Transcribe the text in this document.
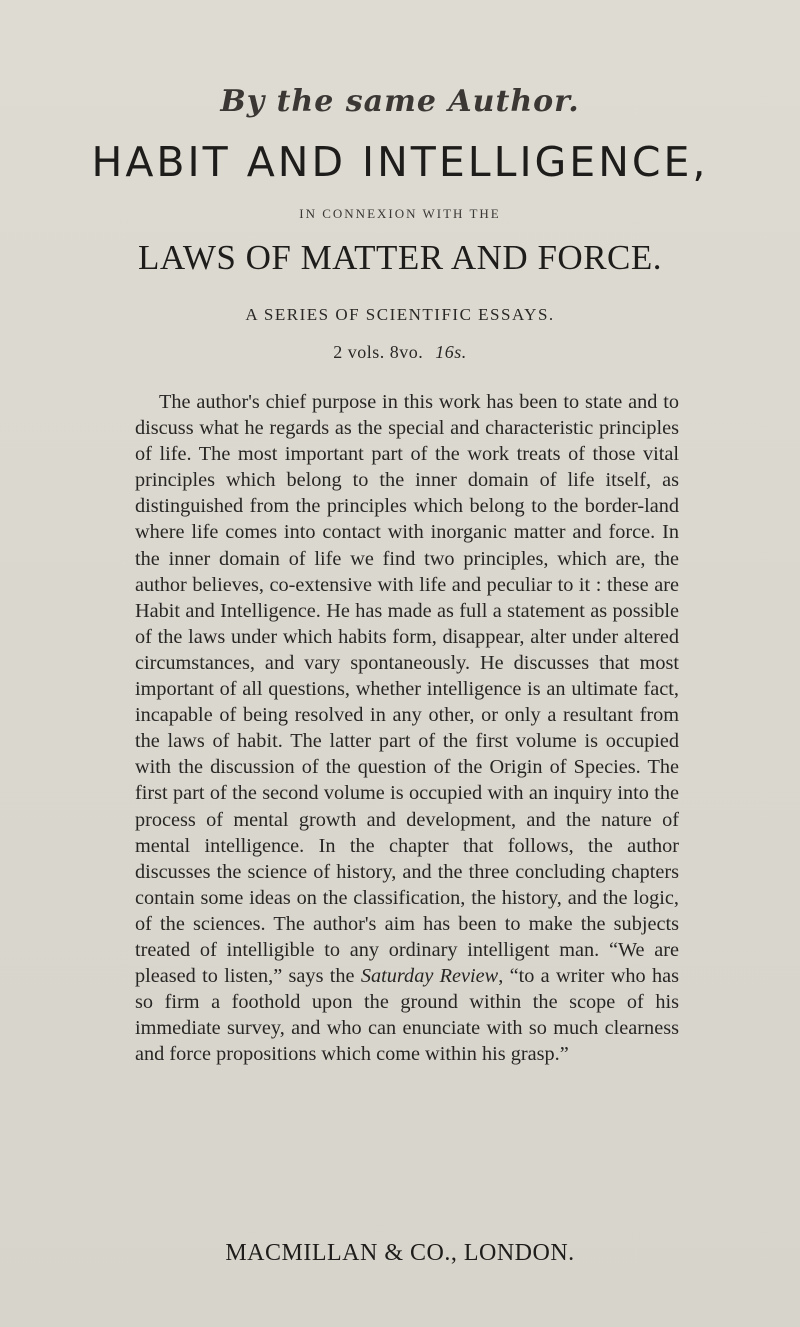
By the same Author.
HABIT AND INTELLIGENCE,
IN CONNEXION WITH THE
LAWS OF MATTER AND FORCE.
A SERIES OF SCIENTIFIC ESSAYS.
2 vols. 8vo. 16s.

The author's chief purpose in this work has been to state and to discuss what he regards as the special and characteristic principles of life. The most important part of the work treats of those vital principles which belong to the inner domain of life itself, as distinguished from the principles which belong to the border-land where life comes into contact with inorganic matter and force. In the inner domain of life we find two principles, which are, the author believes, co-extensive with life and peculiar to it : these are Habit and Intelligence. He has made as full a statement as possible of the laws under which habits form, disappear, alter under altered circumstances, and vary spontaneously. He discusses that most important of all questions, whether intelligence is an ultimate fact, incapable of being resolved in any other, or only a resultant from the laws of habit. The latter part of the first volume is occupied with the discussion of the question of the Origin of Species. The first part of the second volume is occupied with an inquiry into the process of mental growth and development, and the nature of mental intelligence. In the chapter that follows, the author discusses the science of history, and the three concluding chapters contain some ideas on the classification, the history, and the logic, of the sciences. The author's aim has been to make the subjects treated of intelligible to any ordinary intelligent man. “We are pleased to listen,” says the Saturday Review, “to a writer who has so firm a foothold upon the ground within the scope of his immediate survey, and who can enunciate with so much clearness and force propositions which come within his grasp.”

MACMILLAN & CO., LONDON.
